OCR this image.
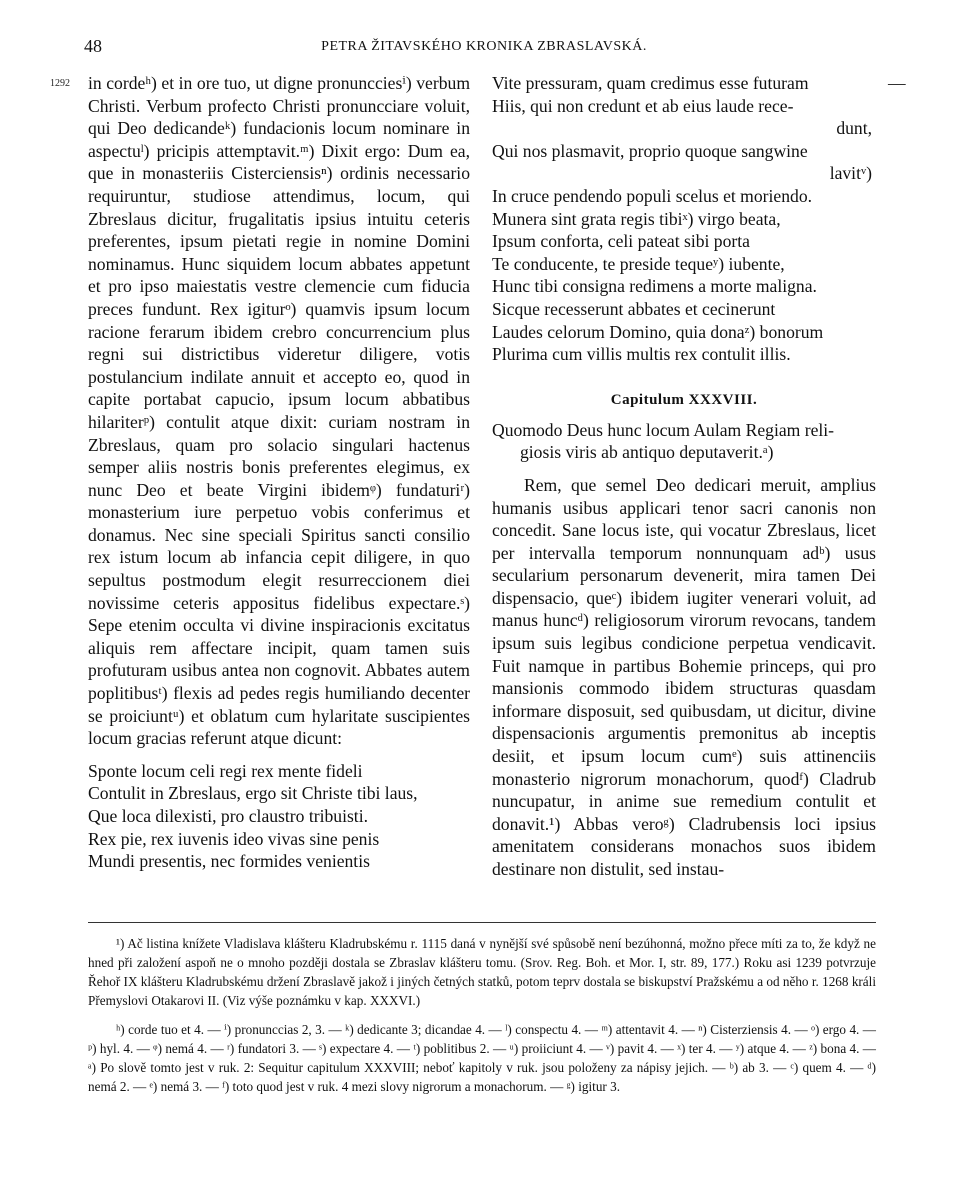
48	PETRA ŽITAVSKÉHO KRONIKA ZBRASLAVSKÁ.
1292 in cordeʰ) et in ore tuo, ut digne pronuncciesⁱ) verbum Christi. Verbum profecto Christi pronuncciare voluit, qui Deo dedicandeᵏ) fundacionis locum nominare in aspectuˡ) pricipis attemptavit.ᵐ) Dixit ergo: Dum ea, que in monasteriis Cisterciensisⁿ) ordinis necessario requiruntur, studiose attendimus, locum, qui Zbreslaus dicitur, frugalitatis ipsius intuitu ceteris preferentes, ipsum pietati regie in nomine Domini nominamus. Hunc siquidem locum abbates appetunt et pro ipso maiestatis vestre clemencie cum fiducia preces fundunt. Rex igiturᵒ) quamvis ipsum locum racione ferarum ibidem crebro concurrencium plus regni sui districtibus videretur diligere, votis postulancium indilate annuit et accepto eo, quod in capite portabat capucio, ipsum locum abbatibus hilariterᵖ) contulit atque dixit: curiam nostram in Zbreslaus, quam pro solacio singulari hactenus semper aliis nostris bonis preferentes elegimus, ex nunc Deo et beate Virgini ibidemᵠ) fundaturiʳ) monasterium iure perpetuo vobis conferimus et donamus. Nec sine speciali Spiritus sancti consilio rex istum locum ab infancia cepit diligere, in quo sepultus postmodum elegit resurreccionem diei novissime ceteris appositus fidelibus expectare.ˢ) Sepe etenim occulta vi divine inspiracionis excitatus aliquis rem affectare incipit, quam tamen suis profuturam usibus antea non cognovit. Abbates autem poplitibusᵗ) flexis ad pedes regis humiliando decenter se proiciuntᵘ) et oblatum cum hylaritate suscipientes locum gracias referunt atque dicunt:

Sponte locum celi regi rex mente fideli
Contulit in Zbreslaus, ergo sit Christe tibi laus,
Que loca dilexisti, pro claustro tribuisti.
Rex pie, rex iuvenis ideo vivas sine penis
Mundi presentis, nec formides venientis
—
Vite pressuram, quam credimus esse futuram
Hiis, qui non credunt et ab eius laude rece-
dunt,
Qui nos plasmavit, proprio quoque sangwine
lavitᵛ)
In cruce pendendo populi scelus et moriendo.
Munera sint grata regis tibiˣ) virgo beata,
Ipsum conforta, celi pateat sibi porta
Te conducente, te preside tequeʸ) iubente,
Hunc tibi consigna redimens a morte maligna.
Sicque recesserunt abbates et cecinerunt
Laudes celorum Domino, quia donaᶻ) bonorum
Plurima cum villis multis rex contulit illis.
Capitulum XXXVIII.
Quomodo Deus hunc locum Aulam Regiam reli-
giosis viris ab antiquo deputaverit.ᵃ)

Rem, que semel Deo dedicari meruit, amplius humanis usibus applicari tenor sacri canonis non concedit. Sane locus iste, qui vocatur Zbreslaus, licet per intervalla temporum nonnunquam adᵇ) usus secularium personarum devenerit, mira tamen Dei dispensacio, queᶜ) ibidem iugiter venerari voluit, ad manus huncᵈ) religiosorum virorum revocans, tandem ipsum suis legibus condicione perpetua vendicavit. Fuit namque in partibus Bohemie princeps, qui pro mansionis commodo ibidem structuras quasdam informare disposuit, sed quibusdam, ut dicitur, divine dispensacionis argumentis premonitus ab inceptis desiit, et ipsum locum cumᵉ) suis attinenciis monasterio nigrorum monachorum, quodᶠ) Cladrub nuncupatur, in anime sue remedium contulit et donavit.¹) Abbas veroᵍ) Cladrubensis loci ipsius amenitatem considerans monachos suos ibidem destinare non distulit, sed instau-

¹) Ač listina knížete Vladislava klášteru Kladrubskému r. 1115 daná v nynější své spůsobě není bezúhonná, možno přece míti za to, že když ne hned při založení aspoň ne o mnoho později dostala se Zbraslav klášteru tomu. (Srov. Reg. Boh. et Mor. I, str. 89, 177.) Roku asi 1239 potvrzuje Řehoř IX klášteru Kladrubskému držení Zbraslavě jakož i jiných četných statků, potom teprv dostala se biskupství Pražskému a od něho r. 1268 králi Přemyslovi Otakarovi II. (Viz výše poznámku v kap. XXXVI.)

ʰ) corde tuo et 4. — ⁱ) pronunccias 2, 3. — ᵏ) dedicante 3; dicandae 4. — ˡ) conspectu 4. — ᵐ) attentavit 4. — ⁿ) Cisterziensis 4. — ᵒ) ergo 4. — ᵖ) hyl. 4. — ᵠ) nemá 4. — ʳ) fundatori 3. — ˢ) expectare 4. — ᵗ) poblitibus 2. — ᵘ) proiiciunt 4. — ᵛ) pavit 4. — ˣ) ter 4. — ʸ) atque 4. — ᶻ) bona 4. — ᵃ) Po slově tomto jest v ruk. 2: Sequitur capitulum XXXVIII; neboť kapitoly v ruk. jsou položeny za nápisy jejich. — ᵇ) ab 3. — ᶜ) quem 4. — ᵈ) nemá 2. — ᵉ) nemá 3. — ᶠ) toto quod jest v ruk. 4 mezi slovy nigrorum a monachorum. — ᵍ) igitur 3.
